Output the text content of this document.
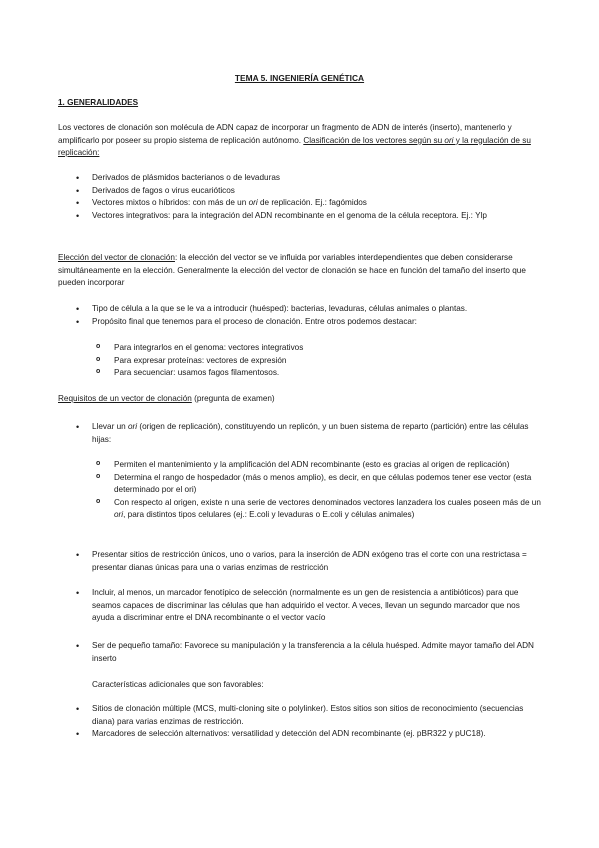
TEMA 5. INGENIERÍA GENÉTICA
1. GENERALIDADES
Los vectores de clonación son molécula de ADN capaz de incorporar un fragmento de ADN de interés (inserto), mantenerlo y amplificarlo por poseer su propio sistema de replicación autónomo. Clasificación de los vectores según su ori y la regulación de su replicación:
• Derivados de plásmidos bacterianos o de levaduras
• Derivados de fagos o virus eucarióticos
• Vectores mixtos o híbridos: con más de un ori de replicación. Ej.: fagómidos
• Vectores integrativos: para la integración del ADN recombinante en el genoma de la célula receptora. Ej.: Ylp
Elección del vector de clonación: la elección del vector se ve influida por variables interdependientes que deben considerarse simultáneamente en la elección. Generalmente la elección del vector de clonación se hace en función del tamaño del inserto que pueden incorporar
• Tipo de célula a la que se le va a introducir (huésped): bacterias, levaduras, células animales o plantas.
• Propósito final que tenemos para el proceso de clonación. Entre otros podemos destacar:
o Para integrarlos en el genoma: vectores integrativos
o Para expresar proteínas: vectores de expresión
o Para secuenciar: usamos fagos filamentosos.
Requisitos de un vector de clonación (pregunta de examen)
• Llevar un ori (origen de replicación), constituyendo un replicón, y un buen sistema de reparto (partición) entre las células hijas:
o Permiten el mantenimiento y la amplificación del ADN recombinante (esto es gracias al origen de replicación)
o Determina el rango de hospedador (más o menos amplio), es decir, en que células podemos tener ese vector (esta determinado por el ori)
o Con respecto al origen, existe n una serie de vectores denominados vectores lanzadera los cuales poseen más de un ori, para distintos tipos celulares (ej.: E.coli y levaduras o E.coli y células animales)
• Presentar sitios de restricción únicos, uno o varios, para la inserción de ADN exógeno tras el corte con una restrictasa = presentar dianas únicas para una o varias enzimas de restricción
• Incluir, al menos, un marcador fenotípico de selección (normalmente es un gen de resistencia a antibióticos) para que seamos capaces de discriminar las células que han adquirido el vector. A veces, llevan un segundo marcador que nos ayuda a discriminar entre el DNA recombinante o el vector vacío
• Ser de pequeño tamaño: Favorece su manipulación y la transferencia a la célula huésped. Admite mayor tamaño del ADN inserto
Características adicionales que son favorables:
• Sitios de clonación múltiple (MCS, multi-cloning site o polylinker). Estos sitios son sitios de reconocimiento (secuencias diana) para varias enzimas de restricción.
• Marcadores de selección alternativos: versatilidad y detección del ADN recombinante (ej. pBR322 y pUC18).
